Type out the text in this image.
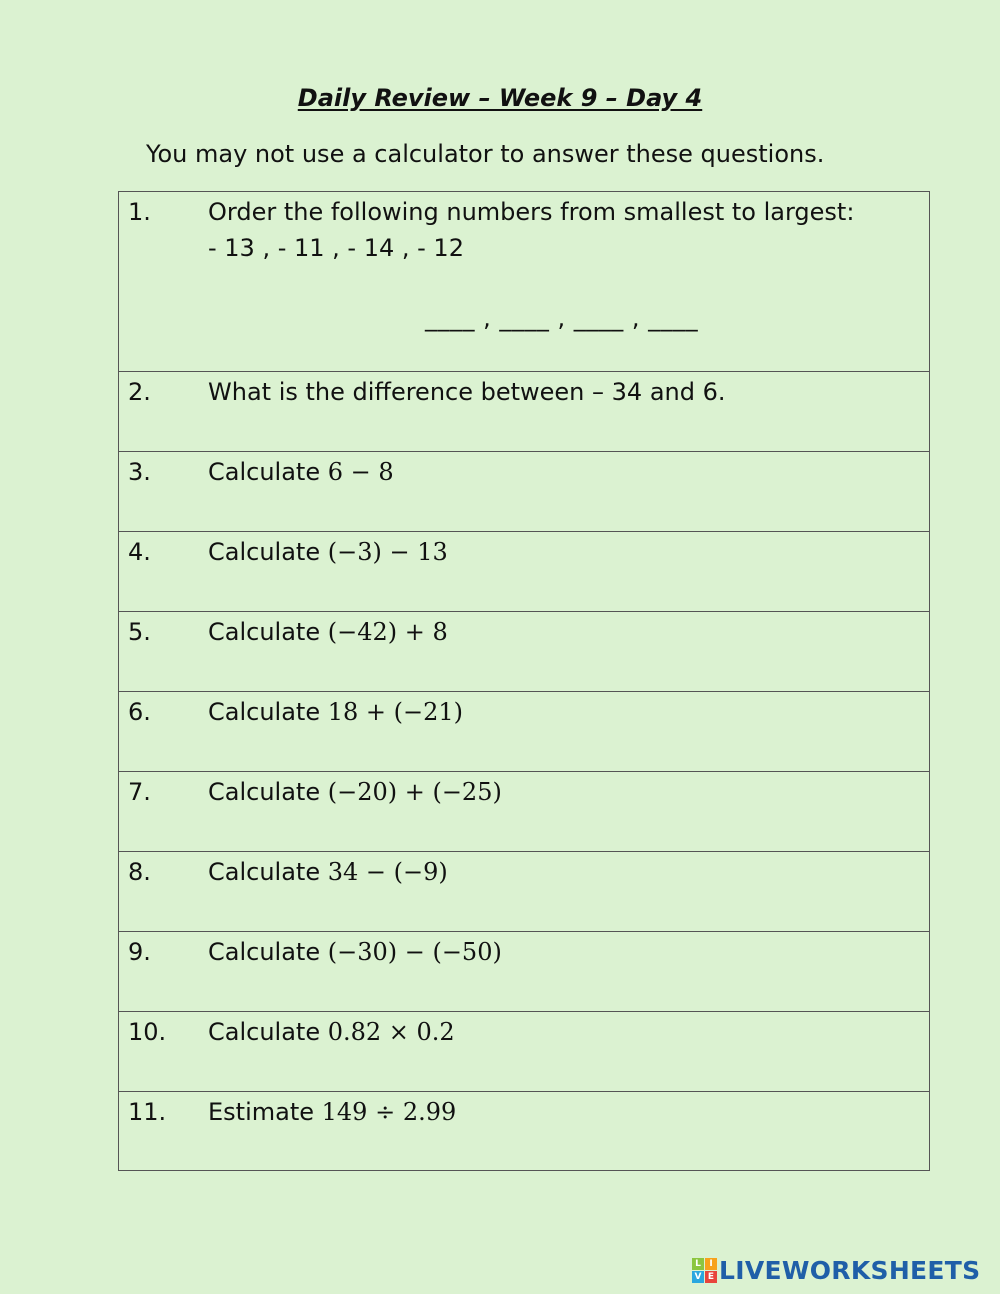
Daily Review – Week 9 – Day 4
You may not use a calculator to answer these questions.
1. Order the following numbers from smallest to largest:
- 13 , - 11 , - 14 , - 12
____ , ____ , ____ , ____

2. What is the difference between – 34 and 6.

3. Calculate 6 − 8

4. Calculate (−3) − 13

5. Calculate (−42) + 8

6. Calculate 18 + (−21)

7. Calculate (−20) + (−25)

8. Calculate 34 − (−9)

9. Calculate (−30) − (−50)

10. Calculate 0.82 × 0.2

11. Estimate 149 ÷ 2.99
L I
V E LIVEWORKSHEETS
